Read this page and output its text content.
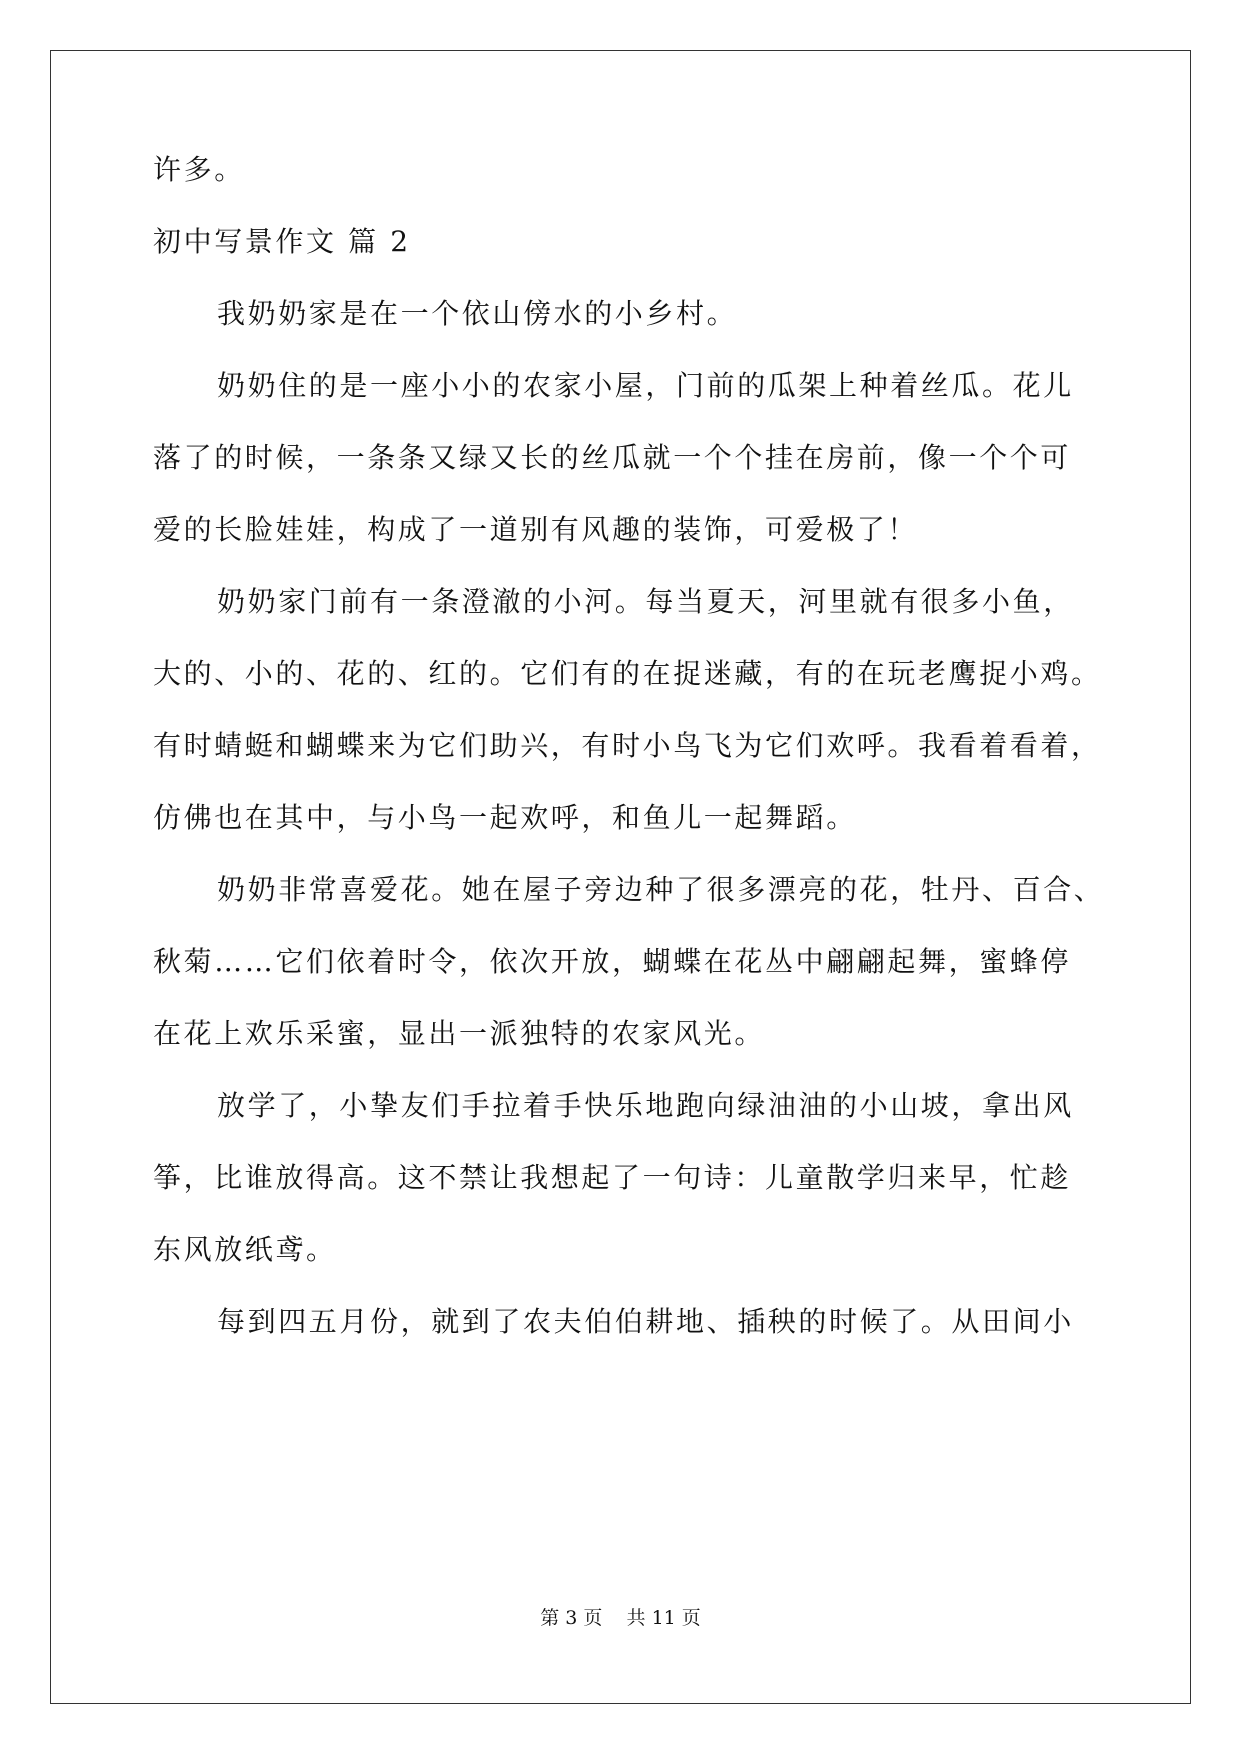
许多。
初中写景作文 篇 2
我奶奶家是在一个依山傍水的小乡村。
奶奶住的是一座小小的农家小屋，门前的瓜架上种着丝瓜。花儿
落了的时候，一条条又绿又长的丝瓜就一个个挂在房前，像一个个可
爱的长脸娃娃，构成了一道别有风趣的装饰，可爱极了！
奶奶家门前有一条澄澈的小河。每当夏天，河里就有很多小鱼，
大的、小的、花的、红的。它们有的在捉迷藏，有的在玩老鹰捉小鸡。
有时蜻蜓和蝴蝶来为它们助兴，有时小鸟飞为它们欢呼。我看着看着，
仿佛也在其中，与小鸟一起欢呼，和鱼儿一起舞蹈。
奶奶非常喜爱花。她在屋子旁边种了很多漂亮的花，牡丹、百合、
秋菊……它们依着时令，依次开放，蝴蝶在花丛中翩翩起舞，蜜蜂停
在花上欢乐采蜜，显出一派独特的农家风光。
放学了，小挚友们手拉着手快乐地跑向绿油油的小山坡，拿出风
筝，比谁放得高。这不禁让我想起了一句诗：儿童散学归来早，忙趁
东风放纸鸢。
每到四五月份，就到了农夫伯伯耕地、插秧的时候了。从田间小
第 3 页    共 11 页
